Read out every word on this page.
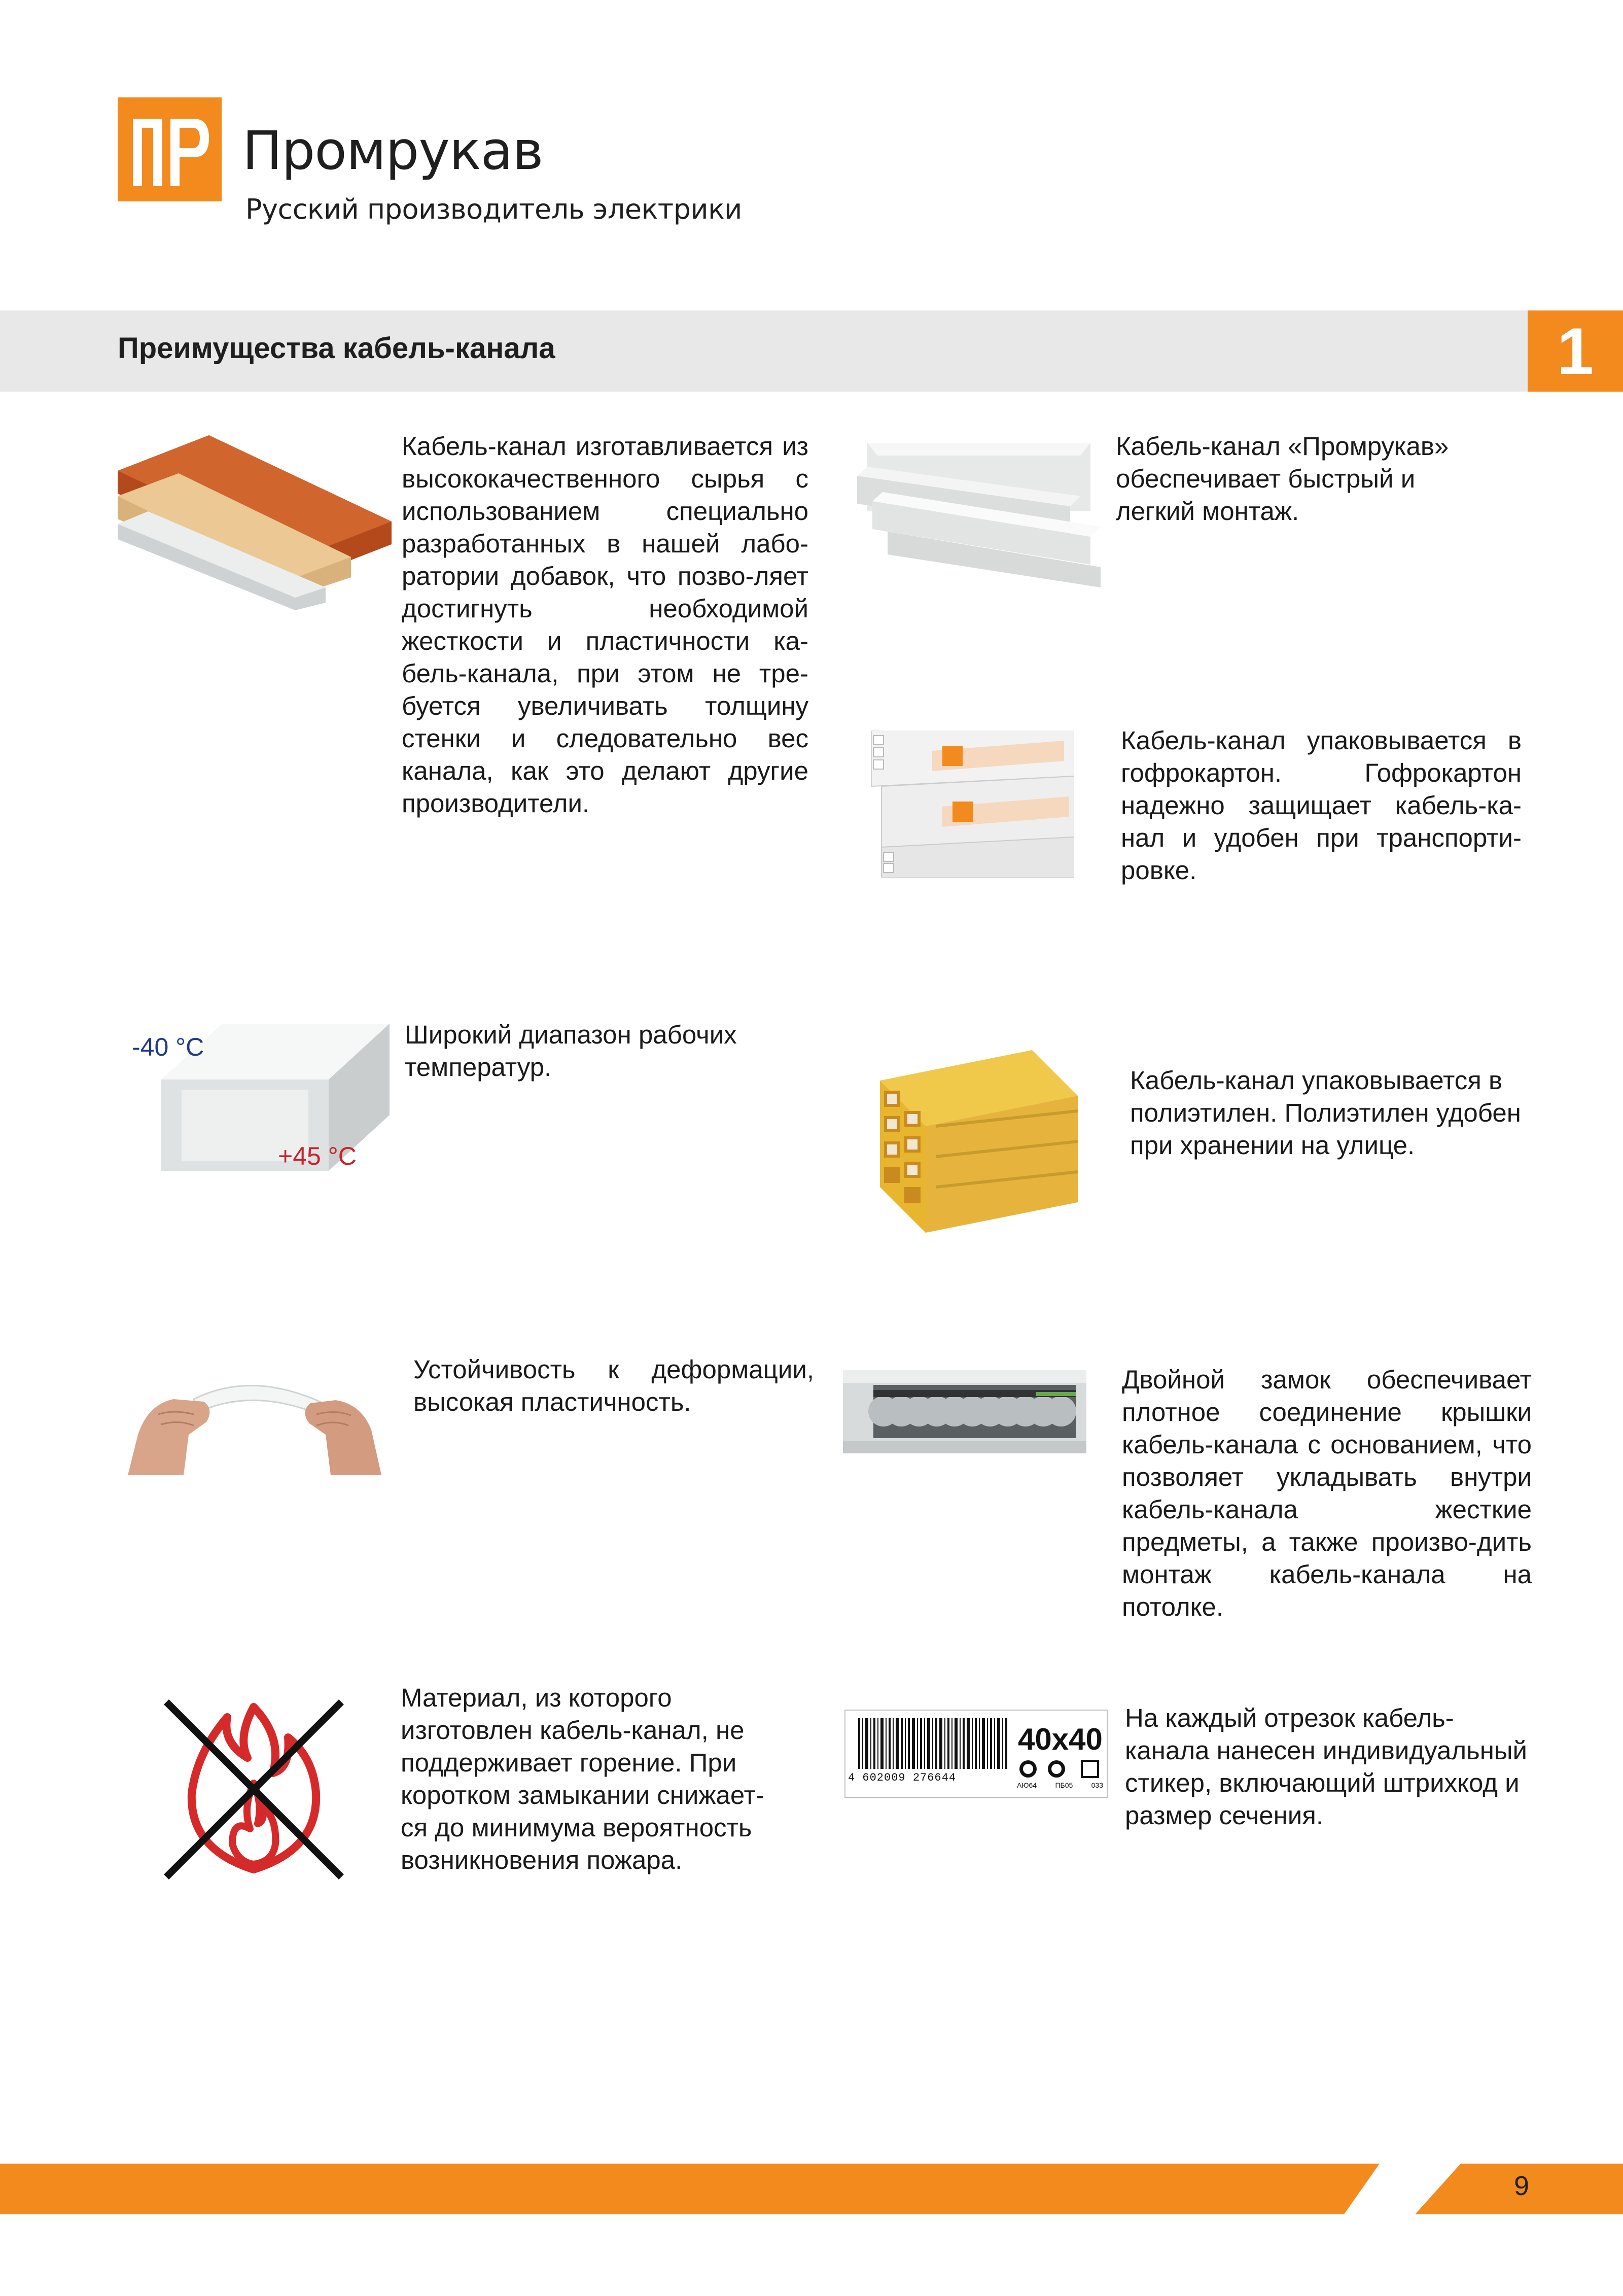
Промрукав
Русский производитель электрики
Преимущества кабель-канала	1
Кабель-канал изготавливается из высококачественного сырья с использованием специально разработанных в нашей лабо-ратории добавок, что позво-ляет достигнуть необходимой жесткости и пластичности ка-бель-канала, при этом не тре-буется увеличивать толщину стенки и следовательно вес канала, как это делают другие производители.
Кабель-канал «Промрукав» обеспечивает быстрый и легкий монтаж.
Кабель-канал упаковывается в гофрокартон. Гофрокартон надежно защищает кабель-ка-нал и удобен при транспорти-ровке.
-40 °С
+45 °С
Широкий диапазон рабочих температур.	Кабель-канал упаковывается в полиэтилен. Полиэтилен удобен при хранении на улице.
Устойчивость к деформации, высокая пластичность.
Двойной замок обеспечивает плотное соединение крышки кабель-канала с основанием, что позволяет укладывать внутри кабель-канала жесткие предметы, а также произво-дить монтаж кабель-канала на потолке.
Материал, из которого изготовлен кабель-канал, не поддерживает горение. При коротком замыкании снижает-ся до минимума вероятность возникновения пожара.
4 602009 276644
40x40
АЮ64	ПБ05	033
На каждый отрезок кабель-канала нанесен индивидуальный стикер, включающий штрихкод и размер сечения.
9
